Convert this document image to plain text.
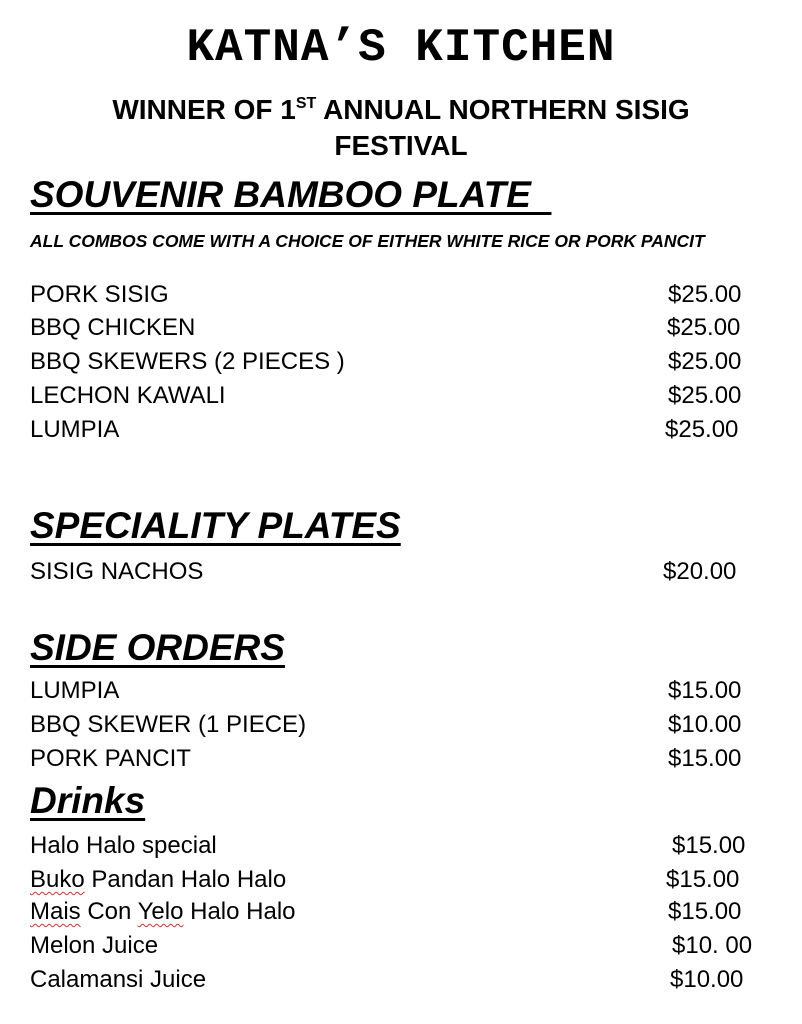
KATNA’S KITCHEN
WINNER OF 1ST ANNUAL NORTHERN SISIG FESTIVAL
SOUVENIR BAMBOO PLATE
ALL COMBOS COME WITH A CHOICE OF EITHER WHITE RICE OR PORK PANCIT
PORK SISIG	$25.00
BBQ CHICKEN	$25.00
BBQ SKEWERS (2 PIECES )	$25.00
LECHON KAWALI	$25.00
LUMPIA	$25.00
SPECIALITY PLATES
SISIG NACHOS	$20.00
SIDE ORDERS
LUMPIA	$15.00
BBQ SKEWER (1 PIECE)	$10.00
PORK PANCIT	$15.00
Drinks
Halo Halo special	$15.00
Buko Pandan Halo Halo	$15.00
Mais Con Yelo Halo Halo	$15.00
Melon Juice	$10. 00
Calamansi Juice	$10.00
